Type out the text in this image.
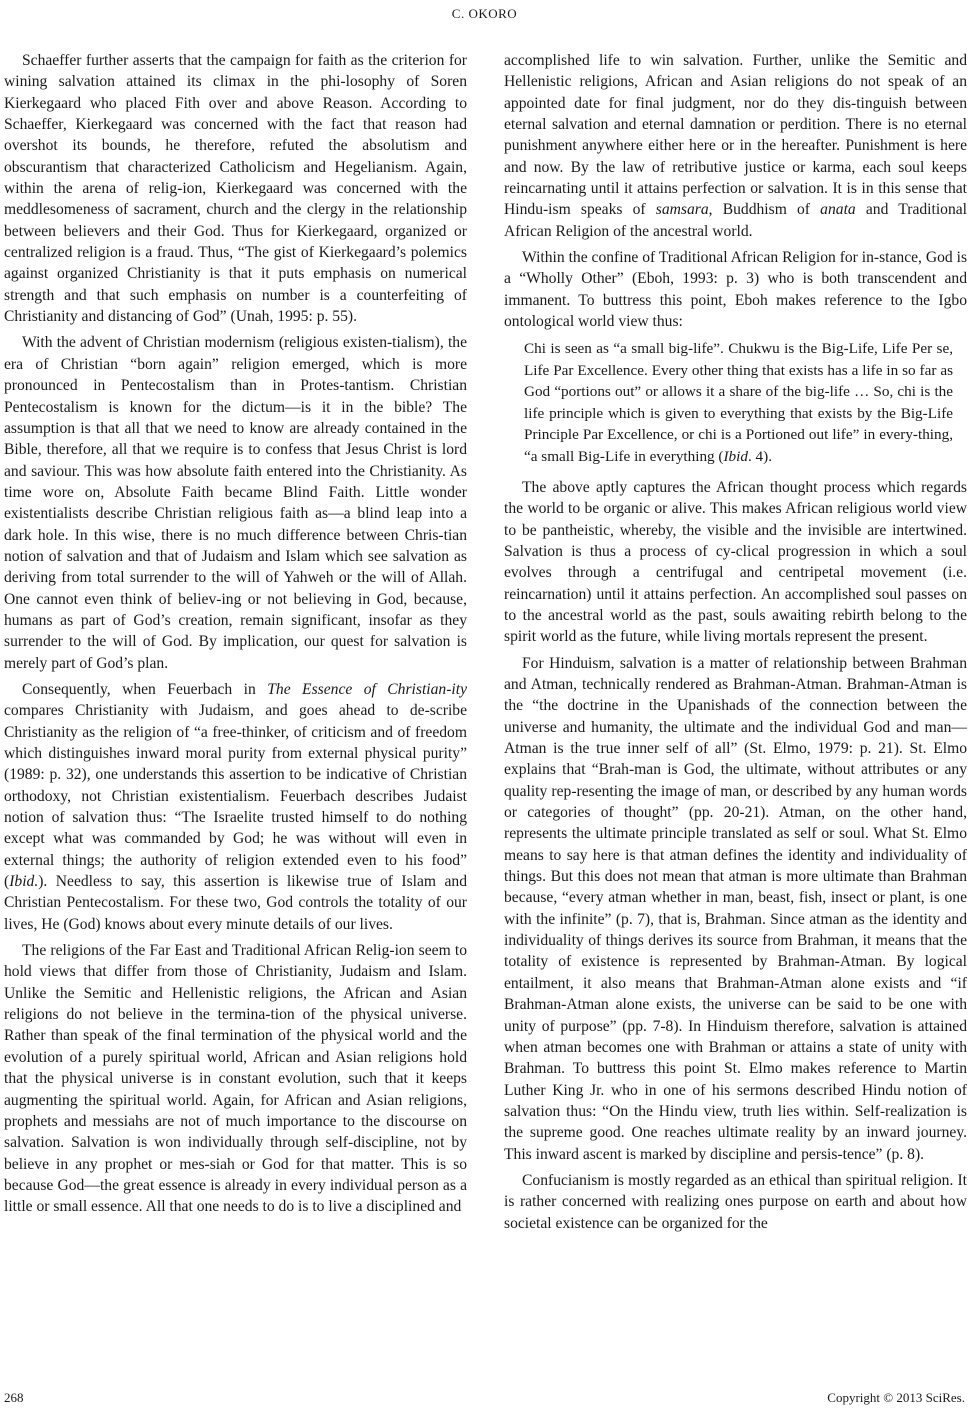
C. OKORO

Schaeffer further asserts that the campaign for faith as the criterion for wining salvation attained its climax in the phi-losophy of Soren Kierkegaard who placed Fith over and above Reason. According to Schaeffer, Kierkegaard was concerned with the fact that reason had overshot its bounds, he therefore, refuted the absolutism and obscurantism that characterized Catholicism and Hegelianism. Again, within the arena of relig-ion, Kierkegaard was concerned with the meddlesomeness of sacrament, church and the clergy in the relationship between believers and their God. Thus for Kierkegaard, organized or centralized religion is a fraud. Thus, “The gist of Kierkegaard’s polemics against organized Christianity is that it puts emphasis on numerical strength and that such emphasis on number is a counterfeiting of Christianity and distancing of God” (Unah, 1995: p. 55).

With the advent of Christian modernism (religious existen-tialism), the era of Christian “born again” religion emerged, which is more pronounced in Pentecostalism than in Protes-tantism. Christian Pentecostalism is known for the dictum—is it in the bible? The assumption is that all that we need to know are already contained in the Bible, therefore, all that we require is to confess that Jesus Christ is lord and saviour. This was how absolute faith entered into the Christianity. As time wore on, Absolute Faith became Blind Faith. Little wonder existentialists describe Christian religious faith as—a blind leap into a dark hole. In this wise, there is no much difference between Chris-tian notion of salvation and that of Judaism and Islam which see salvation as deriving from total surrender to the will of Yahweh or the will of Allah. One cannot even think of believ-ing or not believing in God, because, humans as part of God’s creation, remain significant, insofar as they surrender to the will of God. By implication, our quest for salvation is merely part of God’s plan.

Consequently, when Feuerbach in The Essence of Christian-ity compares Christianity with Judaism, and goes ahead to de-scribe Christianity as the religion of “a free-thinker, of criticism and of freedom which distinguishes inward moral purity from external physical purity” (1989: p. 32), one understands this assertion to be indicative of Christian orthodoxy, not Christian existentialism. Feuerbach describes Judaist notion of salvation thus: “The Israelite trusted himself to do nothing except what was commanded by God; he was without will even in external things; the authority of religion extended even to his food” (Ibid.). Needless to say, this assertion is likewise true of Islam and Christian Pentecostalism. For these two, God controls the totality of our lives, He (God) knows about every minute details of our lives.

The religions of the Far East and Traditional African Relig-ion seem to hold views that differ from those of Christianity, Judaism and Islam. Unlike the Semitic and Hellenistic religions, the African and Asian religions do not believe in the termina-tion of the physical universe. Rather than speak of the final termination of the physical world and the evolution of a purely spiritual world, African and Asian religions hold that the physical universe is in constant evolution, such that it keeps augmenting the spiritual world. Again, for African and Asian religions, prophets and messiahs are not of much importance to the discourse on salvation. Salvation is won individually through self-discipline, not by believe in any prophet or mes-siah or God for that matter. This is so because God—the great essence is already in every individual person as a little or small essence. All that one needs to do is to live a disciplined and

accomplished life to win salvation. Further, unlike the Semitic and Hellenistic religions, African and Asian religions do not speak of an appointed date for final judgment, nor do they dis-tinguish between eternal salvation and eternal damnation or perdition. There is no eternal punishment anywhere either here or in the hereafter. Punishment is here and now. By the law of retributive justice or karma, each soul keeps reincarnating until it attains perfection or salvation. It is in this sense that Hindu-ism speaks of samsara, Buddhism of anata and Traditional African Religion of the ancestral world.

Within the confine of Traditional African Religion for in-stance, God is a “Wholly Other” (Eboh, 1993: p. 3) who is both transcendent and immanent. To buttress this point, Eboh makes reference to the Igbo ontological world view thus:

Chi is seen as “a small big-life”. Chukwu is the Big-Life, Life Per se, Life Par Excellence. Every other thing that exists has a life in so far as God “portions out” or allows it a share of the big-life … So, chi is the life principle which is given to everything that exists by the Big-Life Principle Par Excellence, or chi is a Portioned out life” in every-thing, “a small Big-Life in everything (Ibid. 4).

The above aptly captures the African thought process which regards the world to be organic or alive. This makes African religious world view to be pantheistic, whereby, the visible and the invisible are intertwined. Salvation is thus a process of cy-clical progression in which a soul evolves through a centrifugal and centripetal movement (i.e. reincarnation) until it attains perfection. An accomplished soul passes on to the ancestral world as the past, souls awaiting rebirth belong to the spirit world as the future, while living mortals represent the present.

For Hinduism, salvation is a matter of relationship between Brahman and Atman, technically rendered as Brahman-Atman. Brahman-Atman is the “the doctrine in the Upanishads of the connection between the universe and humanity, the ultimate and the individual God and man—Atman is the true inner self of all” (St. Elmo, 1979: p. 21). St. Elmo explains that “Brah-man is God, the ultimate, without attributes or any quality rep-resenting the image of man, or described by any human words or categories of thought” (pp. 20-21). Atman, on the other hand, represents the ultimate principle translated as self or soul. What St. Elmo means to say here is that atman defines the identity and individuality of things. But this does not mean that atman is more ultimate than Brahman because, “every atman whether in man, beast, fish, insect or plant, is one with the infinite” (p. 7), that is, Brahman. Since atman as the identity and individuality of things derives its source from Brahman, it means that the totality of existence is represented by Brahman-Atman. By logical entailment, it also means that Brahman-Atman alone exists and “if Brahman-Atman alone exists, the universe can be said to be one with unity of purpose” (pp. 7-8). In Hinduism therefore, salvation is attained when atman becomes one with Brahman or attains a state of unity with Brahman. To buttress this point St. Elmo makes reference to Martin Luther King Jr. who in one of his sermons described Hindu notion of salvation thus: “On the Hindu view, truth lies within. Self-realization is the supreme good. One reaches ultimate reality by an inward journey. This inward ascent is marked by discipline and persis-tence” (p. 8).

Confucianism is mostly regarded as an ethical than spiritual religion. It is rather concerned with realizing ones purpose on earth and about how societal existence can be organized for the

268	Copyright © 2013 SciRes.
